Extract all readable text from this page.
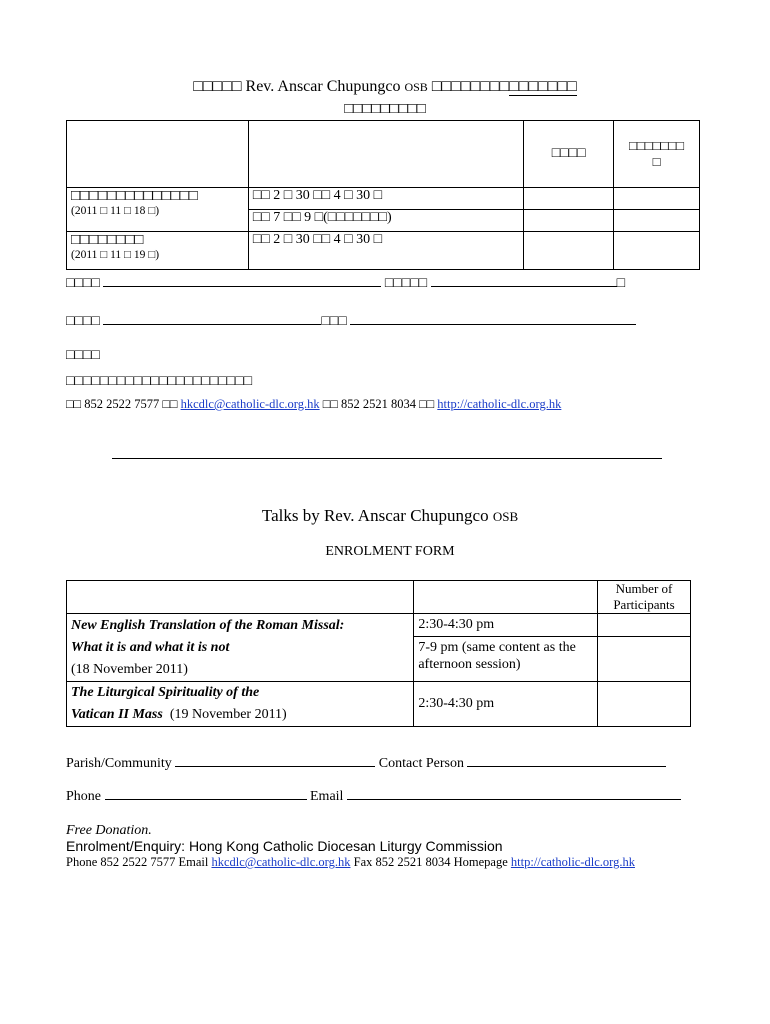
□□□□□ Rev. Anscar Chupungco OSB □□□□□□□□□□□□□□□
□□□□□□□□□
		□□□□	□□□□□□□
□

□□□□□□□□□□□□□□
(2011 □ 11 □ 18 □)	□□ 2 □ 30 □□ 4 □ 30 □		
	□□ 7 □□ 9 □(□□□□□□□)		

□□□□□□□□
(2011 □ 11 □ 19 □)	□□ 2 □ 30 □□ 4 □ 30 □		
□□□□	□□□□□	□
□□□□	□□□
□□□□
□□□□□□□□□□□□□□□□□□□□□□
□□ 852 2522 7577 □□ hkcdlc@catholic-dlc.org.hk □□ 852 2521 8034 □□ http://catholic-dlc.org.hk
Talks by Rev. Anscar Chupungco OSB
ENROLMENT FORM
		Number of Participants

New English Translation of the Roman Missal:
What it is and what it is not
(18 November 2011)	2:30-4:30 pm	
	7-9 pm (same content as the afternoon session)	

The Liturgical Spirituality of the
Vatican II Mass (19 November 2011)	2:30-4:30 pm	
Parish/Community	Contact Person
Phone	Email
Free Donation.
Enrolment/Enquiry: Hong Kong Catholic Diocesan Liturgy Commission
Phone 852 2522 7577 Email hkcdlc@catholic-dlc.org.hk Fax 852 2521 8034 Homepage http://catholic-dlc.org.hk
